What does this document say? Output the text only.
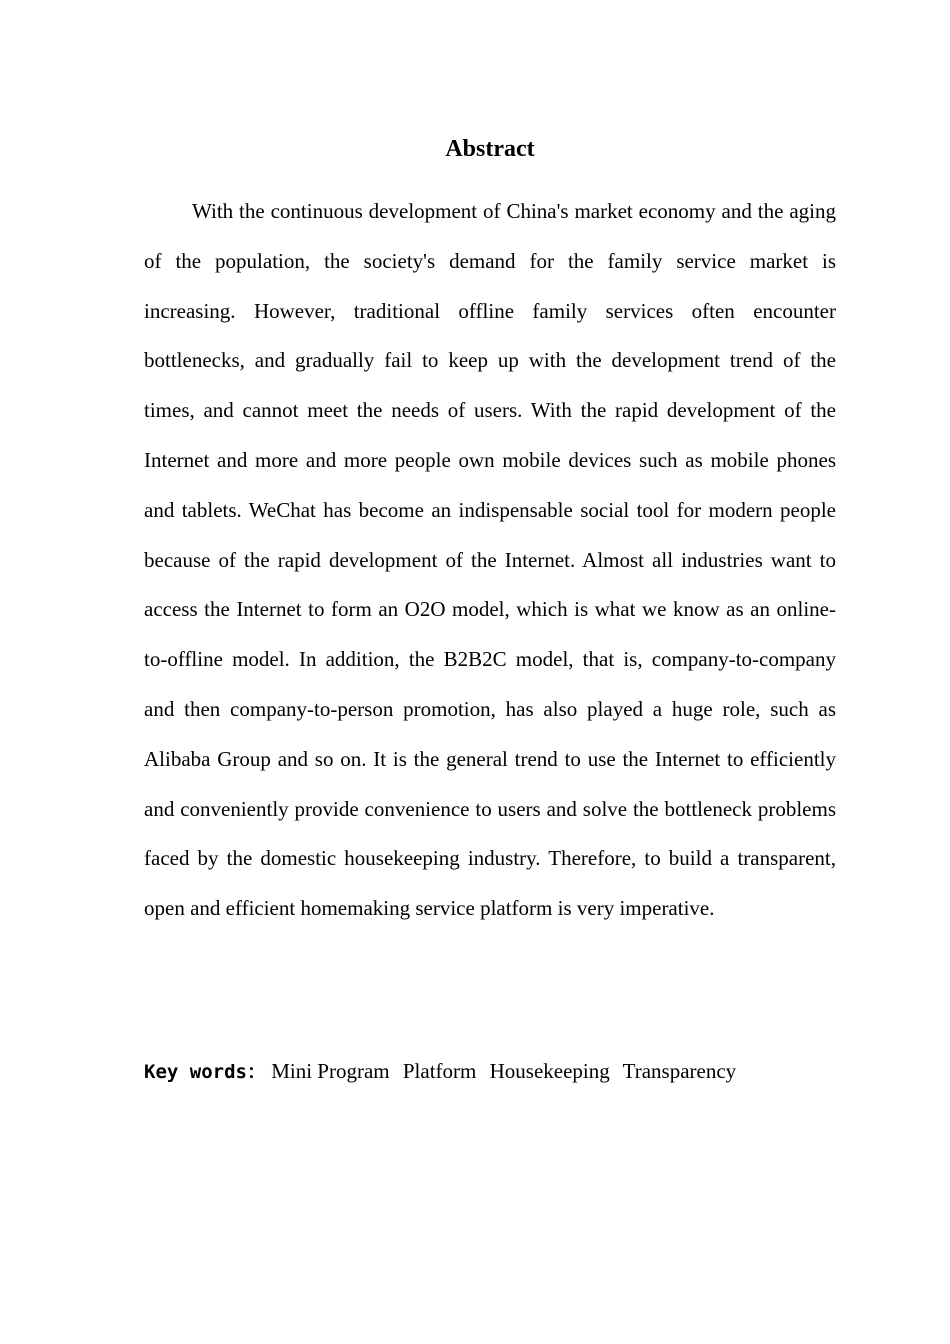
Abstract

With the continuous development of China's market economy and the aging of the population, the society's demand for the family service market is increasing. However, traditional offline family services often encounter bottlenecks, and gradually fail to keep up with the development trend of the times, and cannot meet the needs of users. With the rapid development of the Internet and more and more people own mobile devices such as mobile phones and tablets. WeChat has become an indispensable social tool for modern people because of the rapid development of the Internet. Almost all industries want to access the Internet to form an O2O model, which is what we know as an online-to-offline model. In addition, the B2B2C model, that is, company-to-company and then company-to-person promotion, has also played a huge role, such as Alibaba Group and so on. It is the general trend to use the Internet to efficiently and conveniently provide convenience to users and solve the bottleneck problems faced by the domestic housekeeping industry. Therefore, to build a transparent, open and efficient homemaking service platform is very imperative.

Key words： Mini Program Platform Housekeeping Transparency
